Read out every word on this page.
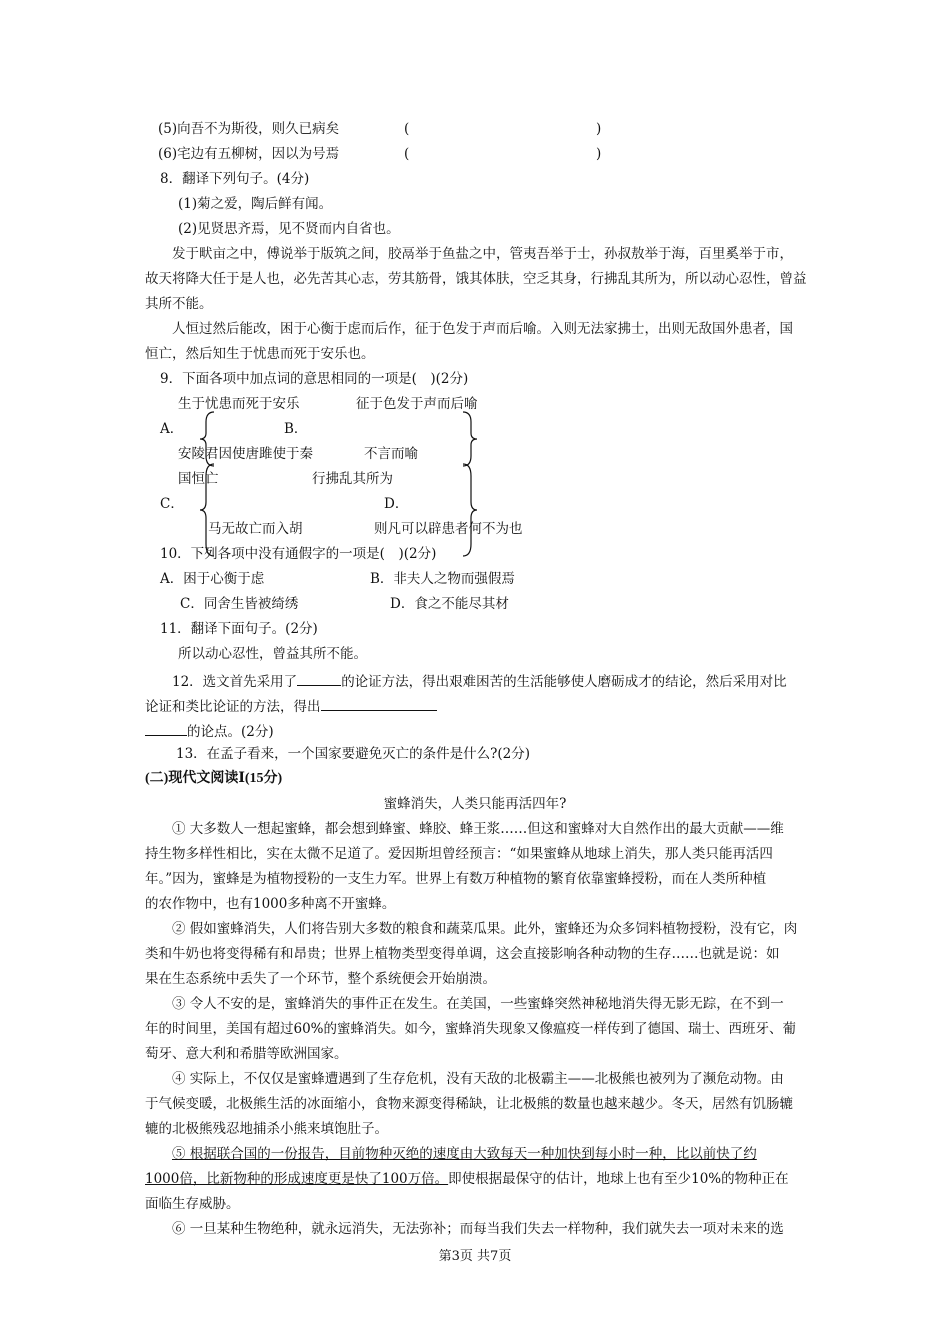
(5)向吾不为斯役，则久已病矣	(	)
(6)宅边有五柳树，因以为号焉	(	)
8．翻译下列句子。(4分)
(1)菊之爱，陶后鲜有闻。
(2)见贤思齐焉，见不贤而内自省也。
发于畎亩之中，傅说举于版筑之间，胶鬲举于鱼盐之中，管夷吾举于士，孙叔敖举于海，百里奚举于市，
故天将降大任于是人也，必先苦其心志，劳其筋骨，饿其体肤，空乏其身，行拂乱其所为，所以动心忍性，曾益
其所不能。
人恒过然后能改，困于心衡于虑而后作，征于色发于声而后喻。入则无法家拂士，出则无敌国外患者，国
恒亡，然后知生于忧患而死于安乐也。
9．下面各项中加点词的意思相同的一项是(　)(2分)
生于忧患而死于安乐	征于色发于声而后喻
A．	B．
安陵君因使唐雎使于秦	不言而喻
国恒亡	行拂乱其所为
C．	D．
马无故亡而入胡	则凡可以辟患者何不为也
10．下列各项中没有通假字的一项是(　)(2分)
A．困于心衡于虑	B．非夫人之物而强假焉
C．同舍生皆被绮绣	D．食之不能尽其材
11．翻译下面句子。(2分)
所以动心忍性，曾益其所不能。
12．选文首先采用了	的论证方法，得出艰难困苦的生活能够使人磨砺成才的结论，然后采用对比
论证和类比论证的方法，得出
的论点。(2分)
13．在孟子看来，一个国家要避免灭亡的条件是什么?(2分)
(二)现代文阅读Ⅰ(15分)
蜜蜂消失，人类只能再活四年?
① 大多数人一想起蜜蜂，都会想到蜂蜜、蜂胶、蜂王浆……但这和蜜蜂对大自然作出的最大贡献——维
持生物多样性相比，实在太微不足道了。爱因斯坦曾经预言：“如果蜜蜂从地球上消失，那人类只能再活四
年。”因为，蜜蜂是为植物授粉的一支生力军。世界上有数万种植物的繁育依靠蜜蜂授粉，而在人类所种植
的农作物中，也有1000多种离不开蜜蜂。
② 假如蜜蜂消失，人们将告别大多数的粮食和蔬菜瓜果。此外，蜜蜂还为众多饲料植物授粉，没有它，肉
类和牛奶也将变得稀有和昂贵；世界上植物类型变得单调，这会直接影响各种动物的生存……也就是说：如
果在生态系统中丢失了一个环节，整个系统便会开始崩溃。
③ 令人不安的是，蜜蜂消失的事件正在发生。在美国，一些蜜蜂突然神秘地消失得无影无踪，在不到一
年的时间里，美国有超过60%的蜜蜂消失。如今，蜜蜂消失现象又像瘟疫一样传到了德国、瑞士、西班牙、葡
萄牙、意大利和希腊等欧洲国家。
④ 实际上，不仅仅是蜜蜂遭遇到了生存危机，没有天敌的北极霸主——北极熊也被列为了濒危动物。由
于气候变暖，北极熊生活的冰面缩小，食物来源变得稀缺，让北极熊的数量也越来越少。冬天，居然有饥肠辘
辘的北极熊残忍地捕杀小熊来填饱肚子。
⑤ 根据联合国的一份报告，目前物种灭绝的速度由大致每天一种加快到每小时一种，比以前快了约
1000倍，比新物种的形成速度更是快了100万倍。即使根据最保守的估计，地球上也有至少10%的物种正在
面临生存威胁。
⑥ 一旦某种生物绝种，就永远消失，无法弥补；而每当我们失去一样物种，我们就失去一项对未来的选
第3页 共7页
